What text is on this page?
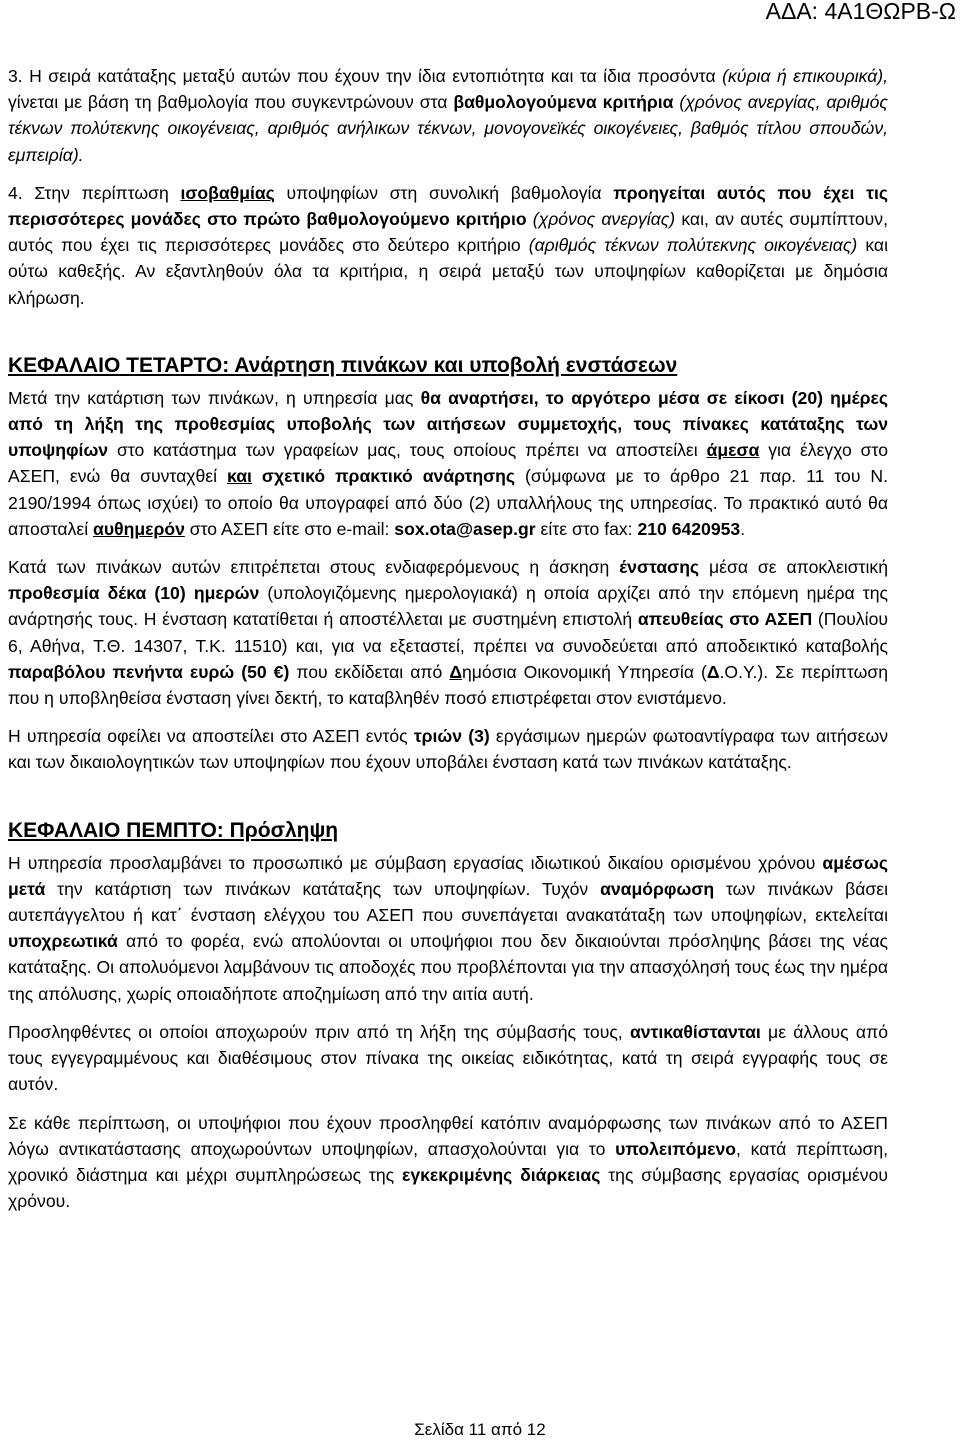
ΑΔΑ: 4Α1ΘΩΡΒ-Ω

3. Η σειρά κατάταξης μεταξύ αυτών που έχουν την ίδια εντοπιότητα και τα ίδια προσόντα (κύρια ή επικουρικά), γίνεται με βάση τη βαθμολογία που συγκεντρώνουν στα βαθμολογούμενα κριτήρια (χρόνος ανεργίας, αριθμός τέκνων πολύτεκνης οικογένειας, αριθμός ανήλικων τέκνων, μονογονεϊκές οικογένειες, βαθμός τίτλου σπουδών, εμπειρία).

4. Στην περίπτωση ισοβαθμίας υποψηφίων στη συνολική βαθμολογία προηγείται αυτός που έχει τις περισσότερες μονάδες στο πρώτο βαθμολογούμενο κριτήριο (χρόνος ανεργίας) και, αν αυτές συμπίπτουν, αυτός που έχει τις περισσότερες μονάδες στο δεύτερο κριτήριο (αριθμός τέκνων πολύτεκνης οικογένειας) και ούτω καθεξής. Αν εξαντληθούν όλα τα κριτήρια, η σειρά μεταξύ των υποψηφίων καθορίζεται με δημόσια κλήρωση.

ΚΕΦΑΛΑΙΟ ΤΕΤΑΡΤΟ: Ανάρτηση πινάκων και υποβολή ενστάσεων

Μετά την κατάρτιση των πινάκων, η υπηρεσία μας θα αναρτήσει, το αργότερο μέσα σε είκοσι (20) ημέρες από τη λήξη της προθεσμίας υποβολής των αιτήσεων συμμετοχής, τους πίνακες κατάταξης των υποψηφίων στο κατάστημα των γραφείων μας, τους οποίους πρέπει να αποστείλει άμεσα για έλεγχο στο ΑΣΕΠ, ενώ θα συνταχθεί και σχετικό πρακτικό ανάρτησης (σύμφωνα με το άρθρο 21 παρ. 11 του Ν. 2190/1994 όπως ισχύει) το οποίο θα υπογραφεί από δύο (2) υπαλλήλους της υπηρεσίας. Το πρακτικό αυτό θα αποσταλεί αυθημερόν στο ΑΣΕΠ είτε στο e-mail: sox.ota@asep.gr είτε στο fax: 210 6420953.

Κατά των πινάκων αυτών επιτρέπεται στους ενδιαφερόμενους η άσκηση ένστασης μέσα σε αποκλειστική προθεσμία δέκα (10) ημερών (υπολογιζόμενης ημερολογιακά) η οποία αρχίζει από την επόμενη ημέρα της ανάρτησής τους. Η ένσταση κατατίθεται ή αποστέλλεται με συστημένη επιστολή απευθείας στο ΑΣΕΠ (Πουλίου 6, Αθήνα, Τ.Θ. 14307, Τ.Κ. 11510) και, για να εξεταστεί, πρέπει να συνοδεύεται από αποδεικτικό καταβολής παραβόλου πενήντα ευρώ (50 €) που εκδίδεται από Δημόσια Οικονομική Υπηρεσία (Δ.Ο.Υ.). Σε περίπτωση που η υποβληθείσα ένσταση γίνει δεκτή, το καταβληθέν ποσό επιστρέφεται στον ενιστάμενο.

Η υπηρεσία οφείλει να αποστείλει στο ΑΣΕΠ εντός τριών (3) εργάσιμων ημερών φωτοαντίγραφα των αιτήσεων και των δικαιολογητικών των υποψηφίων που έχουν υποβάλει ένσταση κατά των πινάκων κατάταξης.

ΚΕΦΑΛΑΙΟ ΠΕΜΠΤΟ: Πρόσληψη

Η υπηρεσία προσλαμβάνει το προσωπικό με σύμβαση εργασίας ιδιωτικού δικαίου ορισμένου χρόνου αμέσως μετά την κατάρτιση των πινάκων κατάταξης των υποψηφίων. Τυχόν αναμόρφωση των πινάκων βάσει αυτεπάγγελτου ή κατ΄ ένσταση ελέγχου του ΑΣΕΠ που συνεπάγεται ανακατάταξη των υποψηφίων, εκτελείται υποχρεωτικά από το φορέα, ενώ απολύονται οι υποψήφιοι που δεν δικαιούνται πρόσληψης βάσει της νέας κατάταξης. Οι απολυόμενοι λαμβάνουν τις αποδοχές που προβλέπονται για την απασχόλησή τους έως την ημέρα της απόλυσης, χωρίς οποιαδήποτε αποζημίωση από την αιτία αυτή.

Προσληφθέντες οι οποίοι αποχωρούν πριν από τη λήξη της σύμβασής τους, αντικαθίστανται με άλλους από τους εγγεγραμμένους και διαθέσιμους στον πίνακα της οικείας ειδικότητας, κατά τη σειρά εγγραφής τους σε αυτόν.

Σε κάθε περίπτωση, οι υποψήφιοι που έχουν προσληφθεί κατόπιν αναμόρφωσης των πινάκων από το ΑΣΕΠ λόγω αντικατάστασης αποχωρούντων υποψηφίων, απασχολούνται για το υπολειπόμενο, κατά περίπτωση, χρονικό διάστημα και μέχρι συμπληρώσεως της εγκεκριμένης διάρκειας της σύμβασης εργασίας ορισμένου χρόνου.

Σελίδα 11 από 12
